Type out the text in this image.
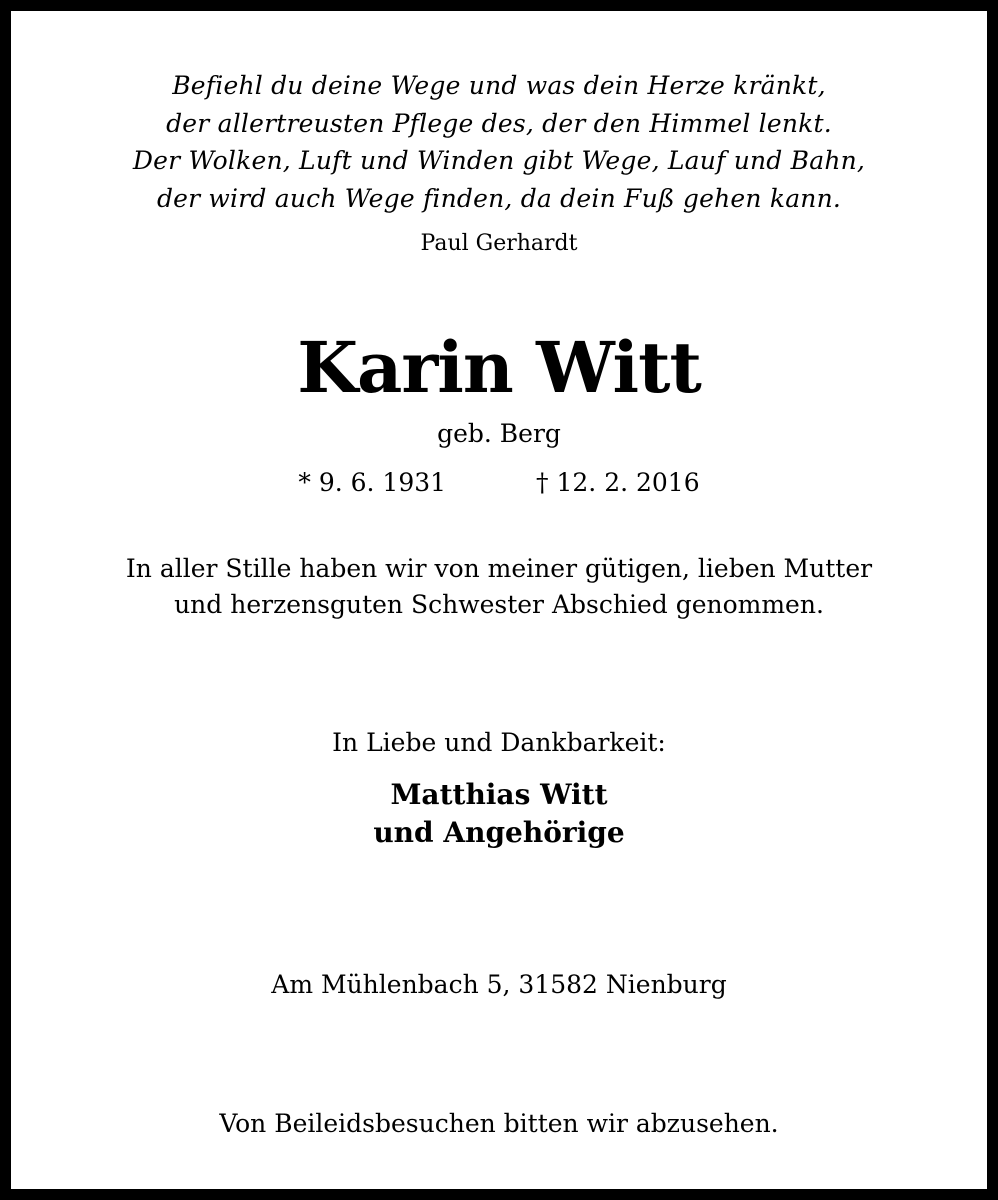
Befiehl du deine Wege und was dein Herze kränkt,
der allertreusten Pflege des, der den Himmel lenkt.
Der Wolken, Luft und Winden gibt Wege, Lauf und Bahn,
der wird auch Wege finden, da dein Fuß gehen kann.
Paul Gerhardt
Karin Witt
geb. Berg
* 9. 6. 1931	† 12. 2. 2016
In aller Stille haben wir von meiner gütigen, lieben Mutter
und herzensguten Schwester Abschied genommen.
In Liebe und Dankbarkeit:
Matthias Witt
und Angehörige
Am Mühlenbach 5, 31582 Nienburg
Von Beileidsbesuchen bitten wir abzusehen.
